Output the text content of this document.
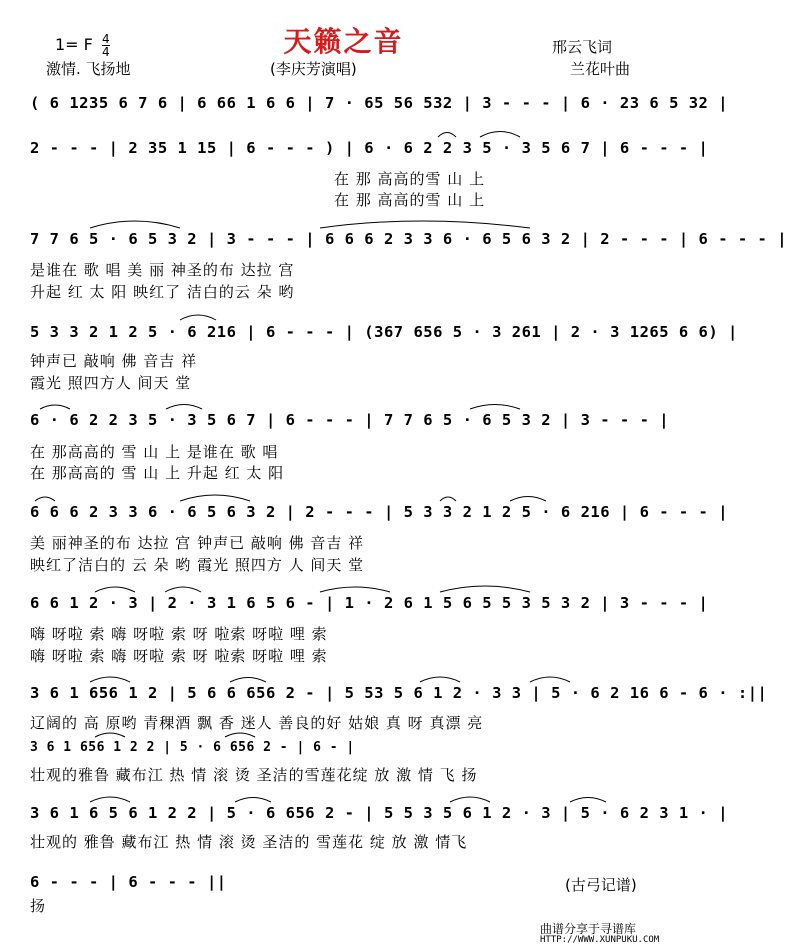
天籁之音
1= F $\frac{4}{4}$
激情. 飞扬地	(李庆芳演唱)
邢云飞词
兰花叶曲
( 6 1235 6 7 6 | 6 66 1 6 6 | 7 · 65 56 532 | 3 - - - | 6 · 23 6 5 32 |
2 - - - | 2 35 1 15 | 6 - - - ) | 6 · 6 2 2 3 5 · 3 5 6 7 | 6 - - - |
在 那 高高的雪 山 上
在 那 高高的雪 山 上
7 7 6 5 · 6 5 3 2 | 3 - - - | 6 6 6 2 3 3 6 · 6 5 6 3 2 | 2 - - - | 6 - - - |
是谁在 歌 唱 美 丽 神圣的布 达拉 宫
升起 红 太 阳 映红了 洁白的云 朵 哟
5 3 3 2 1 2 5 · 6 216 | 6 - - - | (367 656 5 · 3 261 | 2 · 3 1265 6 6) |
钟声已 敲响 佛 音吉 祥
霞光 照四方人 间天 堂
6 · 6 2 2 3 5 · 3 5 6 7 | 6 - - - | 7 7 6 5 · 6 5 3 2 | 3 - - - |
在 那高高的 雪 山 上 是谁在 歌 唱
在 那高高的 雪 山 上 升起 红 太 阳
6 6 6 2 3 3 6 · 6 5 6 3 2 | 2 - - - | 5 3 3 2 1 2 5 · 6 216 | 6 - - - |
美 丽神圣的布 达拉 宫 钟声已 敲响 佛 音吉 祥
映红了洁白的 云 朵 哟 霞光 照四方 人 间天 堂
6 6 1 2 · 3 | 2 · 3 1 6 5 6 - | 1 · 2 6 1 5 6 5 5 3 5 3 2 | 3 - - - |
嗨 呀啦 索 嗨 呀啦 索 呀 啦索 呀啦 哩 索
嗨 呀啦 索 嗨 呀啦 索 呀 啦索 呀啦 哩 索
3 6 1 656 1 2 | 5 6 6 656 2 - | 5 53 5 6 1 2 · 3 3 | 5 · 6 2 16 6 - 6 · :||
辽阔的 高 原哟 青稞酒 飘 香 迷人 善良的好 姑娘 真 呀 真漂 亮
3 6 1 656 1 2 2 | 5 · 6 656 2 - | 6 - |
壮观的雅鲁 藏布江 热 情 滚 烫 圣洁的雪莲花绽 放 激 情 飞 扬
3 6 1 6 5 6 1 2 2 | 5 · 6 656 2 - | 5 5 3 5 6 1 2 · 3 | 5 · 6 2 3 1 · |
壮观的 雅鲁 藏布江 热 情 滚 烫 圣洁的 雪莲花 绽 放 激 情飞
6 - - - | 6 - - - ||
扬
(古弓记谱)
曲谱分享于寻谱库
HTTP://WWW.XUNPUKU.COM
